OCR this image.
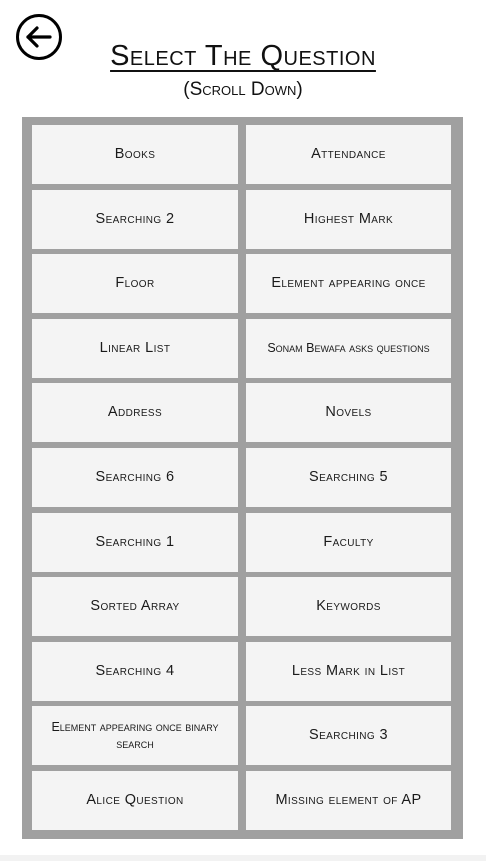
Select The Question
(Scroll Down)
Books	Attendance
Searching 2	Highest Mark
Floor	Element appearing once
Linear List	Sonam Bewafa asks questions
Address	Novels
Searching 6	Searching 5
Searching 1	Faculty
Sorted Array	Keywords
Searching 4	Less Mark in List
Element appearing once binary search
Searching 3
Alice Question	Missing element of AP
